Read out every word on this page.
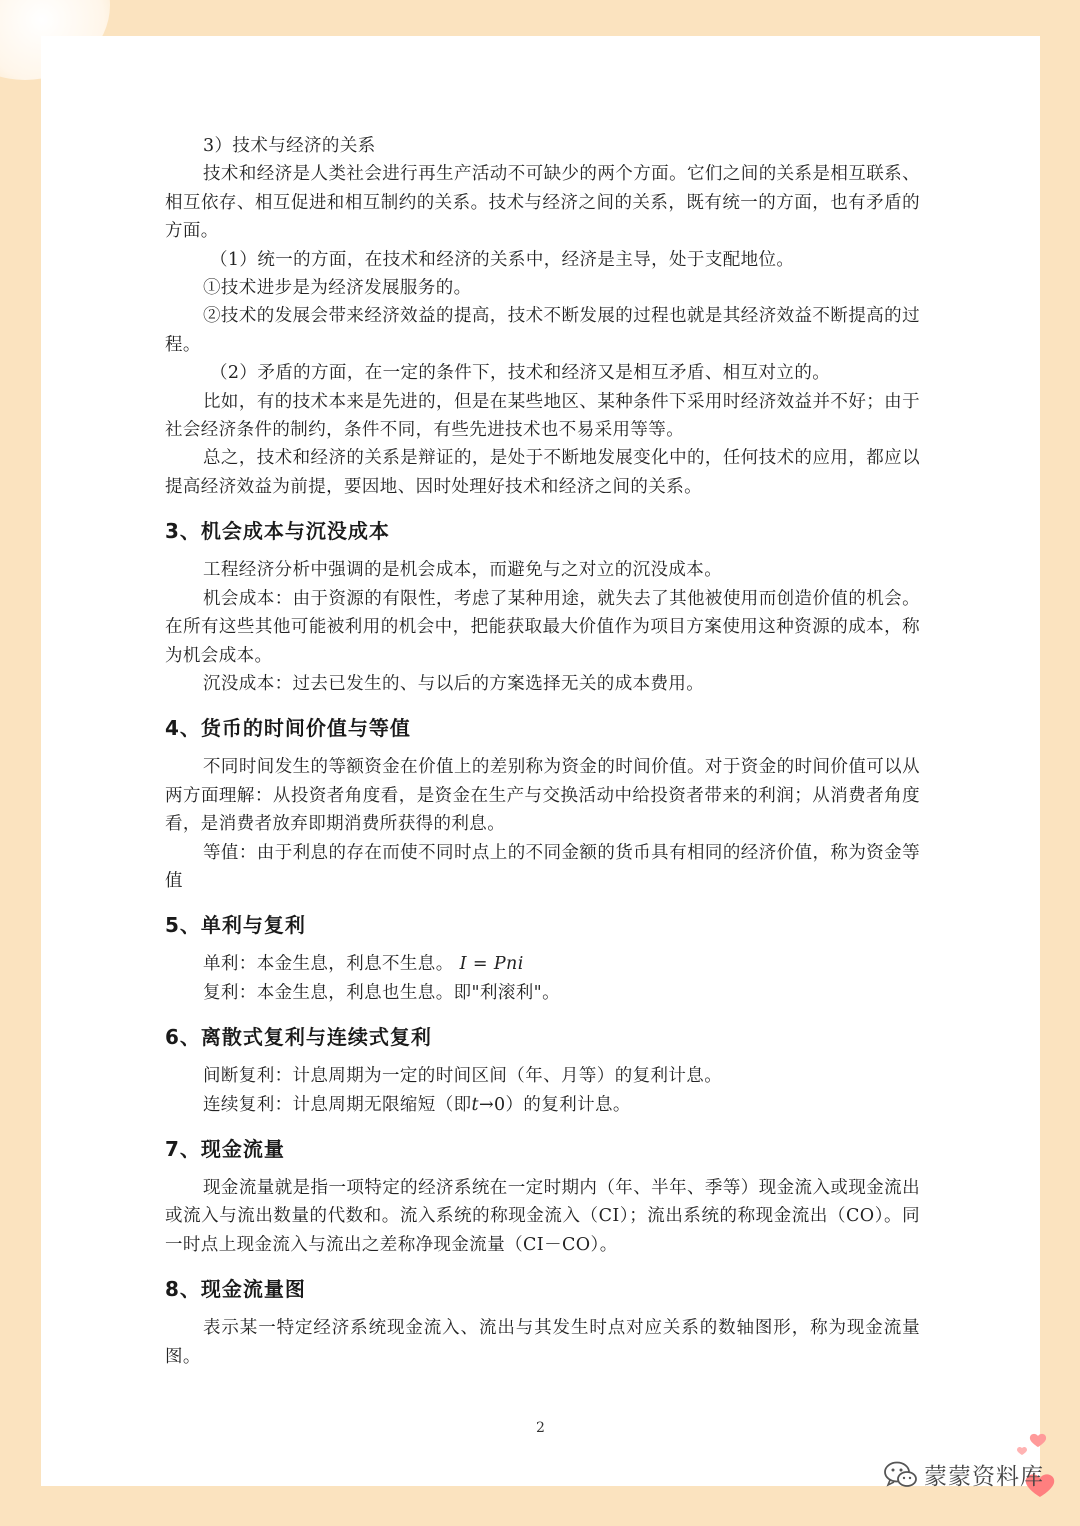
3）技术与经济的关系

技术和经济是人类社会进行再生产活动不可缺少的两个方面。它们之间的关系是相互联系、相互依存、相互促进和相互制约的关系。技术与经济之间的关系，既有统一的方面，也有矛盾的方面。

（1）统一的方面，在技术和经济的关系中，经济是主导，处于支配地位。

①技术进步是为经济发展服务的。

②技术的发展会带来经济效益的提高，技术不断发展的过程也就是其经济效益不断提高的过程。

（2）矛盾的方面，在一定的条件下，技术和经济又是相互矛盾、相互对立的。

比如，有的技术本来是先进的，但是在某些地区、某种条件下采用时经济效益并不好；由于社会经济条件的制约，条件不同，有些先进技术也不易采用等等。

总之，技术和经济的关系是辩证的，是处于不断地发展变化中的，任何技术的应用，都应以提高经济效益为前提，要因地、因时处理好技术和经济之间的关系。

3、机会成本与沉没成本

工程经济分析中强调的是机会成本，而避免与之对立的沉没成本。

机会成本：由于资源的有限性，考虑了某种用途，就失去了其他被使用而创造价值的机会。在所有这些其他可能被利用的机会中，把能获取最大价值作为项目方案使用这种资源的成本，称为机会成本。

沉没成本：过去已发生的、与以后的方案选择无关的成本费用。

4、货币的时间价值与等值

不同时间发生的等额资金在价值上的差别称为资金的时间价值。对于资金的时间价值可以从两方面理解：从投资者角度看，是资金在生产与交换活动中给投资者带来的利润；从消费者角度看，是消费者放弃即期消费所获得的利息。

等值：由于利息的存在而使不同时点上的不同金额的货币具有相同的经济价值，称为资金等值

5、单利与复利

单利：本金生息，利息不生息。 I = Pni

复利：本金生息，利息也生息。即"利滚利"。

6、离散式复利与连续式复利

间断复利：计息周期为一定的时间区间（年、月等）的复利计息。

连续复利：计息周期无限缩短（即t→0）的复利计息。

7、现金流量

现金流量就是指一项特定的经济系统在一定时期内（年、半年、季等）现金流入或现金流出或流入与流出数量的代数和。流入系统的称现金流入（CI）；流出系统的称现金流出（CO）。同一时点上现金流入与流出之差称净现金流量（CI－CO）。

8、现金流量图

表示某一特定经济系统现金流入、流出与其发生时点对应关系的数轴图形，称为现金流量图。

2
蒙蒙资料库
